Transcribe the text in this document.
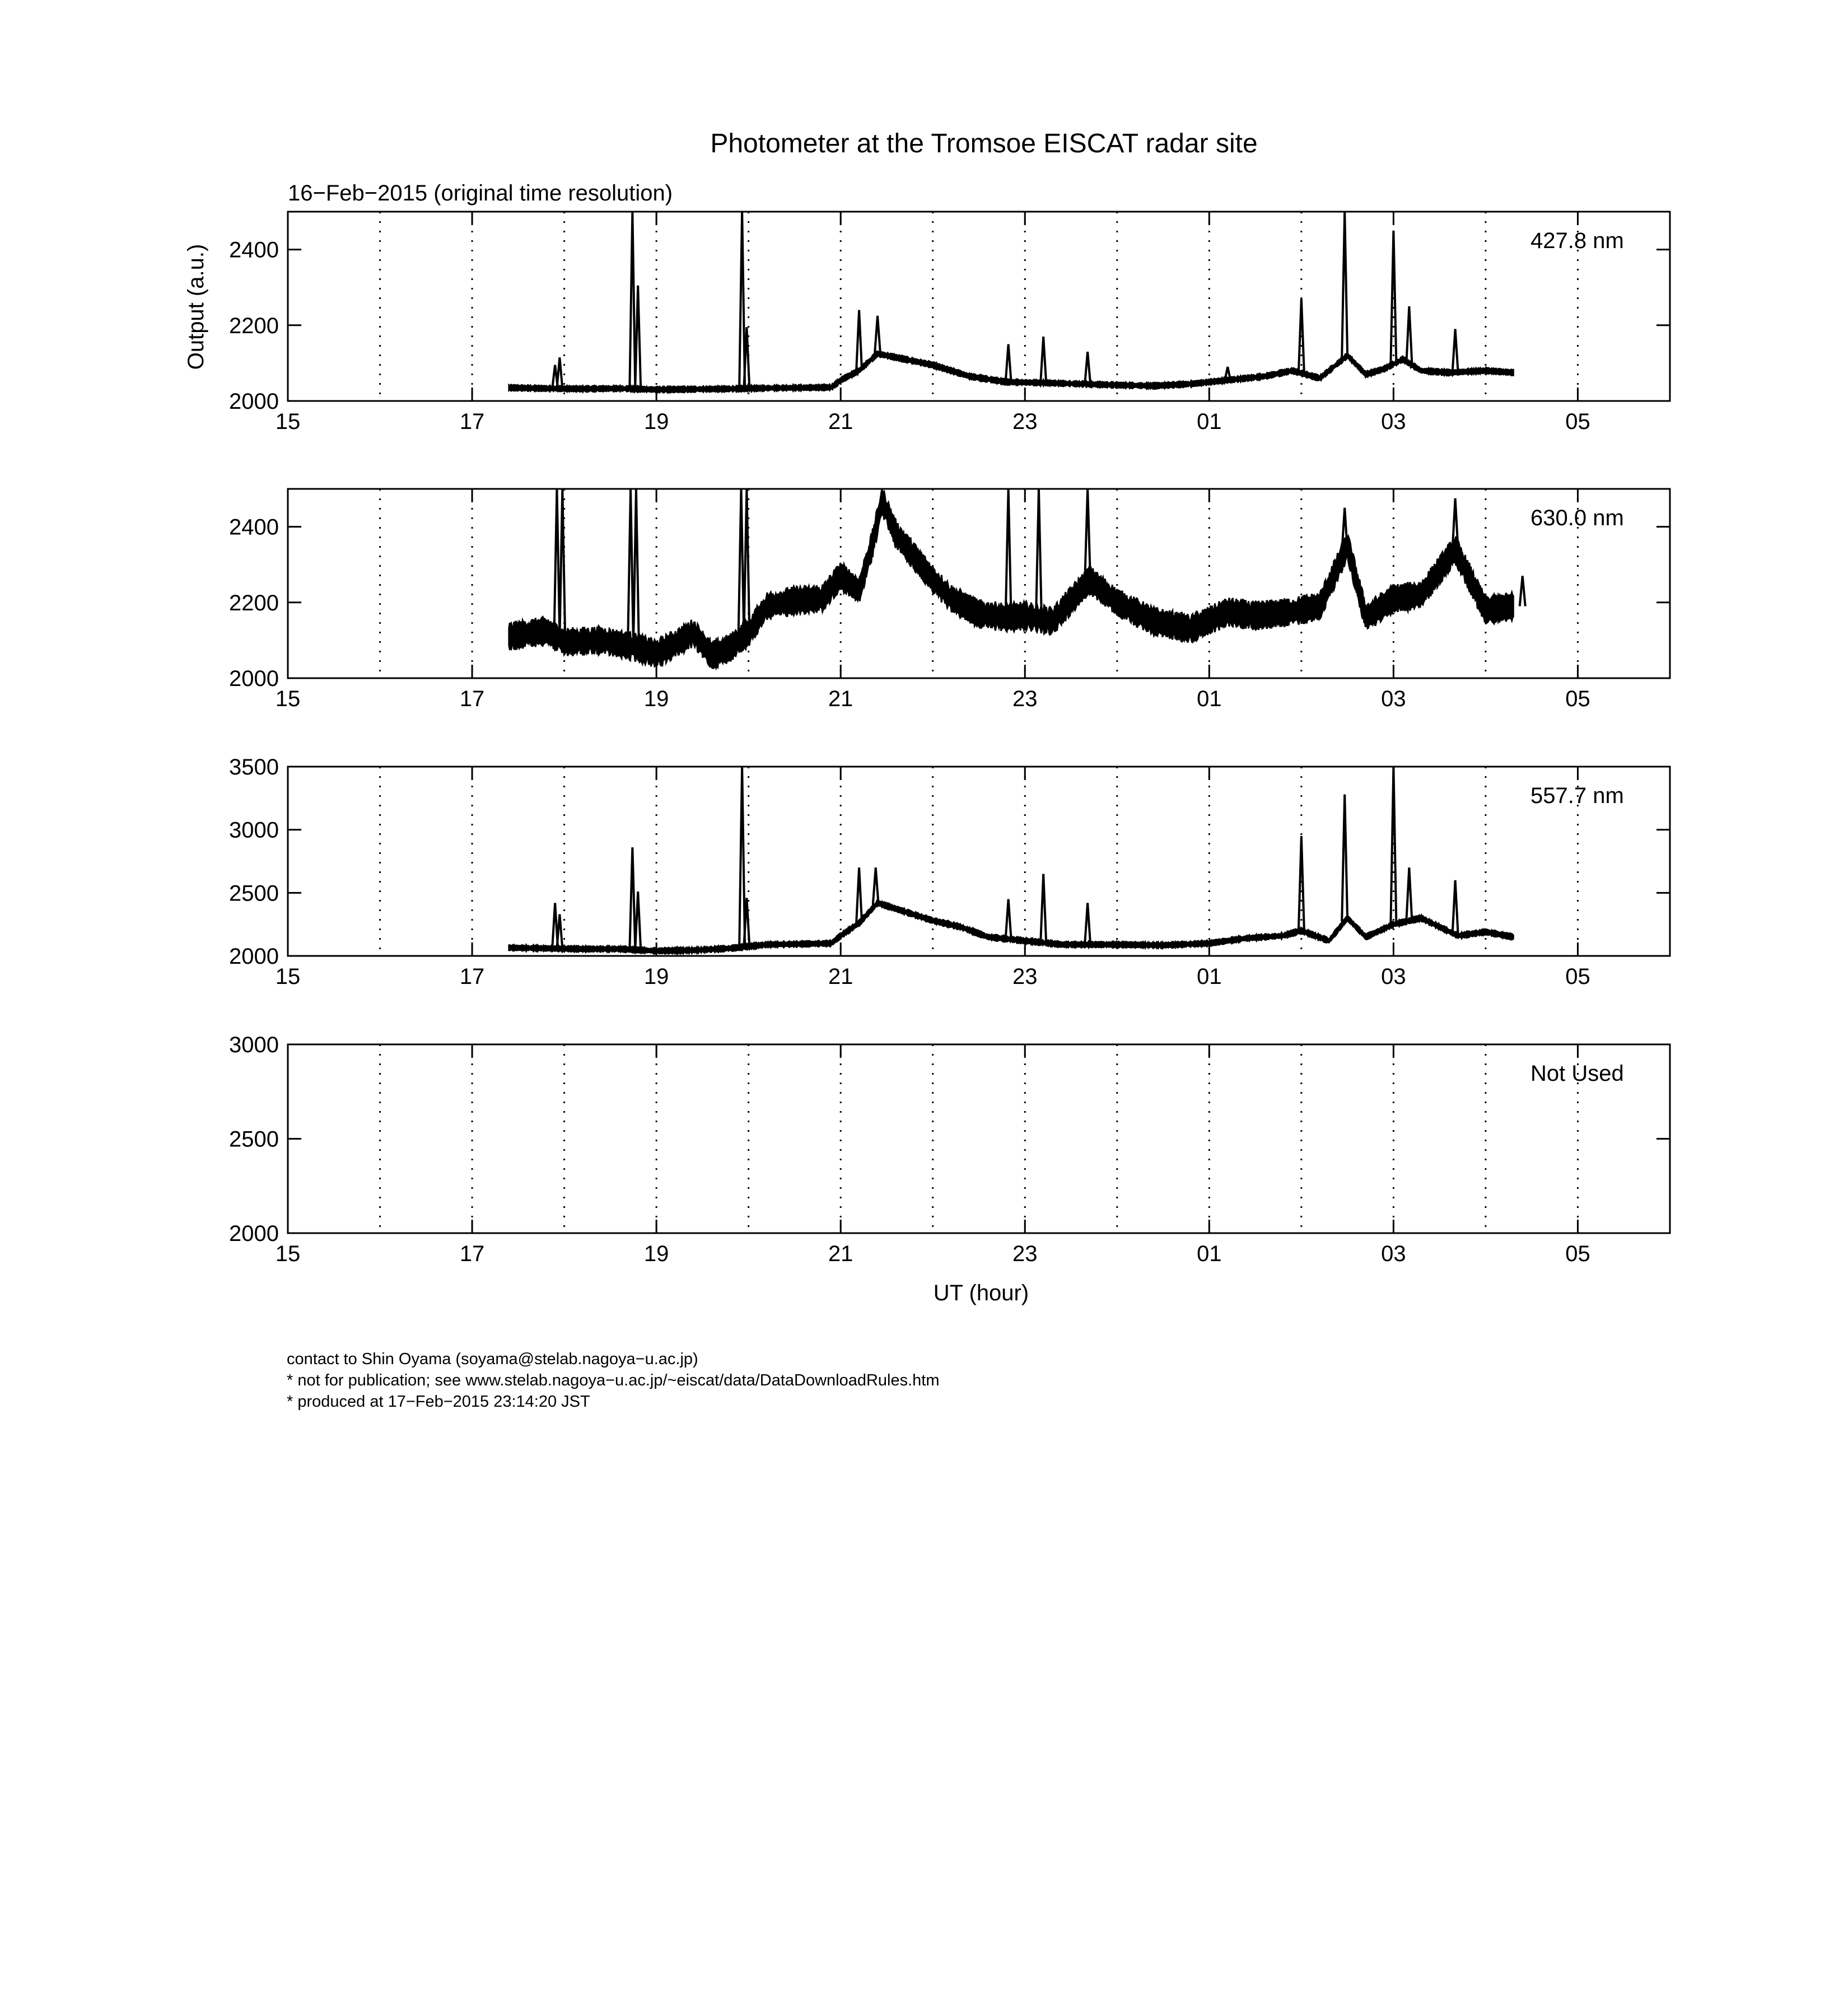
Photometer at the Tromsoe EISCAT radar site
16−Feb−2015 (original time resolution)
Output (a.u.)
UT (hour)
15	17	19	21	23	01	03	05
2000
2200
2400	427.8 nm
15	17	19	21	23	01	03	05
2000
2200
2400	630.0 nm
15	17	19	21	23	01	03	05
2000
2500
3000
3500
557.7 nm
15	17	19	21	23	01	03	05
2000
2500
3000
Not Used
contact to Shin Oyama (soyama@stelab.nagoya−u.ac.jp)
* not for publication; see www.stelab.nagoya−u.ac.jp/~eiscat/data/DataDownloadRules.htm
* produced at 17−Feb−2015 23:14:20 JST
